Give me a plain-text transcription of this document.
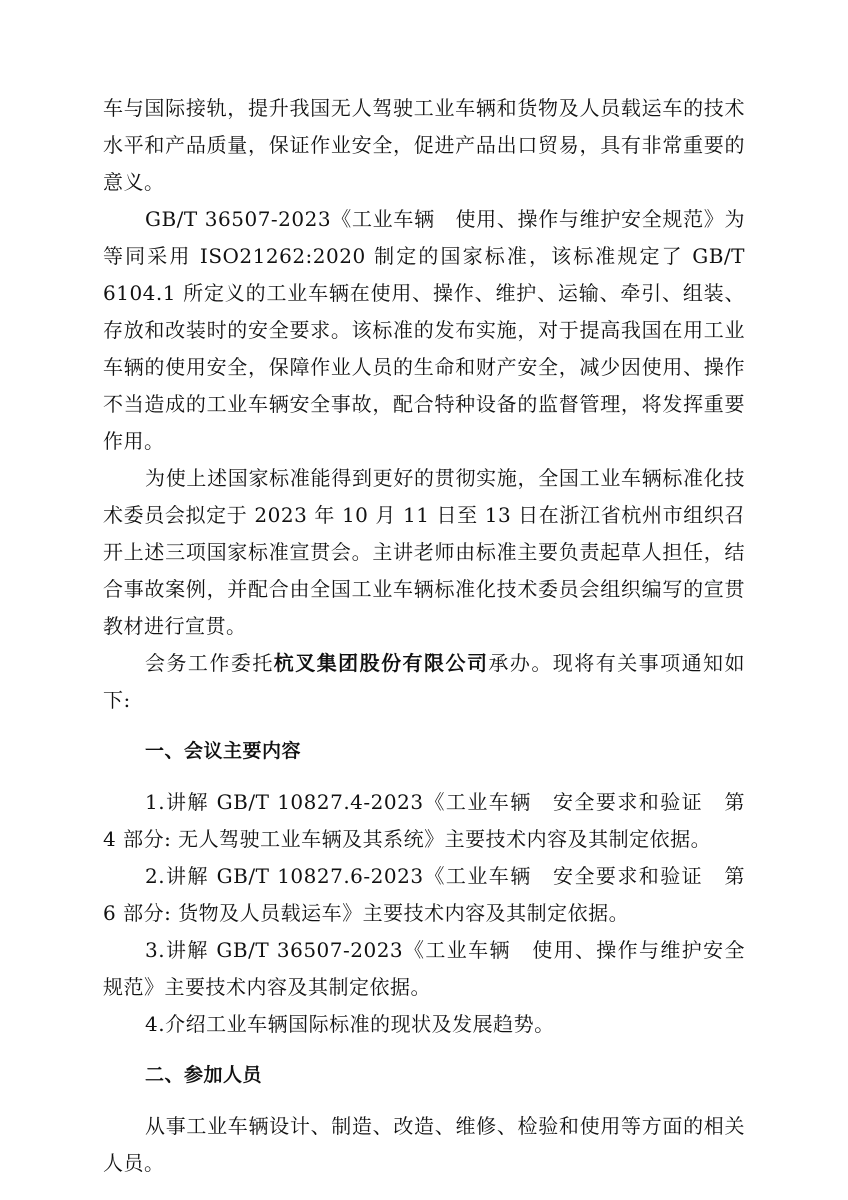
车与国际接轨，提升我国无人驾驶工业车辆和货物及人员载运车的技术水平和产品质量，保证作业安全，促进产品出口贸易，具有非常重要的意义。

GB/T 36507-2023《工业车辆　使用、操作与维护安全规范》为等同采用 ISO21262:2020 制定的国家标准，该标准规定了 GB/T 6104.1 所定义的工业车辆在使用、操作、维护、运输、牵引、组装、存放和改装时的安全要求。该标准的发布实施，对于提高我国在用工业车辆的使用安全，保障作业人员的生命和财产安全，减少因使用、操作不当造成的工业车辆安全事故，配合特种设备的监督管理，将发挥重要作用。

为使上述国家标准能得到更好的贯彻实施，全国工业车辆标准化技术委员会拟定于 2023 年 10 月 11 日至 13 日在浙江省杭州市组织召开上述三项国家标准宣贯会。主讲老师由标准主要负责起草人担任，结合事故案例，并配合由全国工业车辆标准化技术委员会组织编写的宣贯教材进行宣贯。

会务工作委托杭叉集团股份有限公司承办。现将有关事项通知如下:

一、会议主要内容

1.讲解 GB/T 10827.4-2023《工业车辆　安全要求和验证　第 4 部分: 无人驾驶工业车辆及其系统》主要技术内容及其制定依据。

2.讲解 GB/T 10827.6-2023《工业车辆　安全要求和验证　第 6 部分: 货物及人员载运车》主要技术内容及其制定依据。

3.讲解 GB/T 36507-2023《工业车辆　使用、操作与维护安全规范》主要技术内容及其制定依据。

4.介绍工业车辆国际标准的现状及发展趋势。

二、参加人员

从事工业车辆设计、制造、改造、维修、检验和使用等方面的相关人员。
